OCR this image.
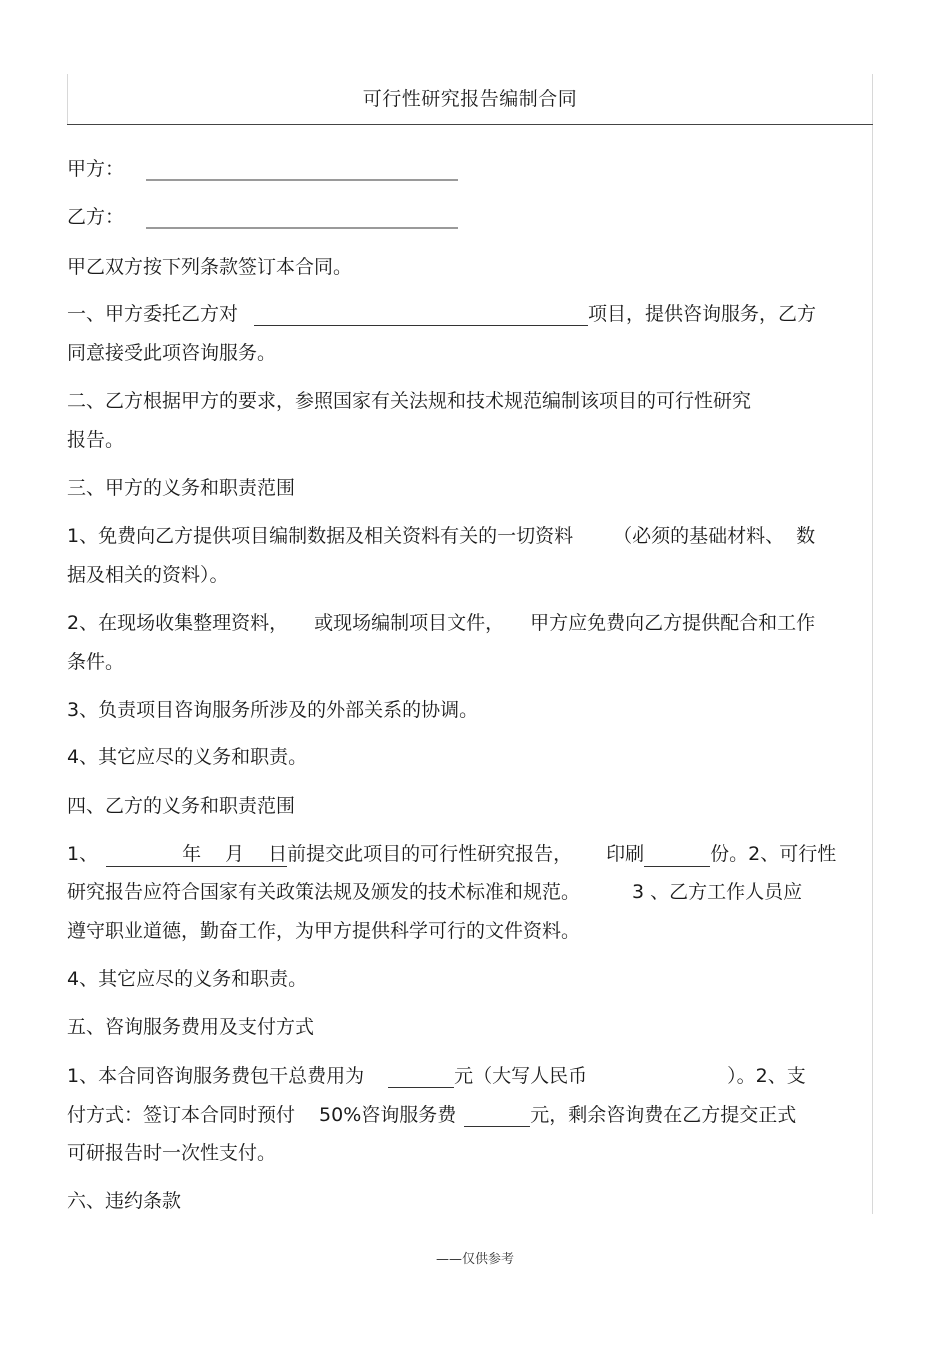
可行性研究报告编制合同
甲方：
乙方：
甲乙双方按下列条款签订本合同。
一、甲方委托乙方对	项目，提供咨询服务，乙方
同意接受此项咨询服务。
二、乙方根据甲方的要求，参照国家有关法规和技术规范编制该项目的可行性研究
报告。
三、甲方的义务和职责范围
1、免费向乙方提供项目编制数据及相关资料有关的一切资料 （必须的基础材料、 数
据及相关的资料）。
2、在现场收集整理资料， 或现场编制项目文件， 甲方应免费向乙方提供配合和工作
条件。
3、负责项目咨询服务所涉及的外部关系的协调。
4、其它应尽的义务和职责。
四、乙方的义务和职责范围
1、	年 月 日前提交此项目的可行性研究报告， 印刷	份。2、可行性
研究报告应符合国家有关政策法规及颁发的技术标准和规范。	3 、乙方工作人员应
遵守职业道德，勤奋工作，为甲方提供科学可行的文件资料。
4、其它应尽的义务和职责。
五、咨询服务费用及支付方式
1、本合同咨询服务费包干总费用为	元（大写人民币	）。2、支
付方式：签订本合同时预付 50%咨询服务费	元，剩余咨询费在乙方提交正式
可研报告时一次性支付。
六、违约条款
——仅供参考
